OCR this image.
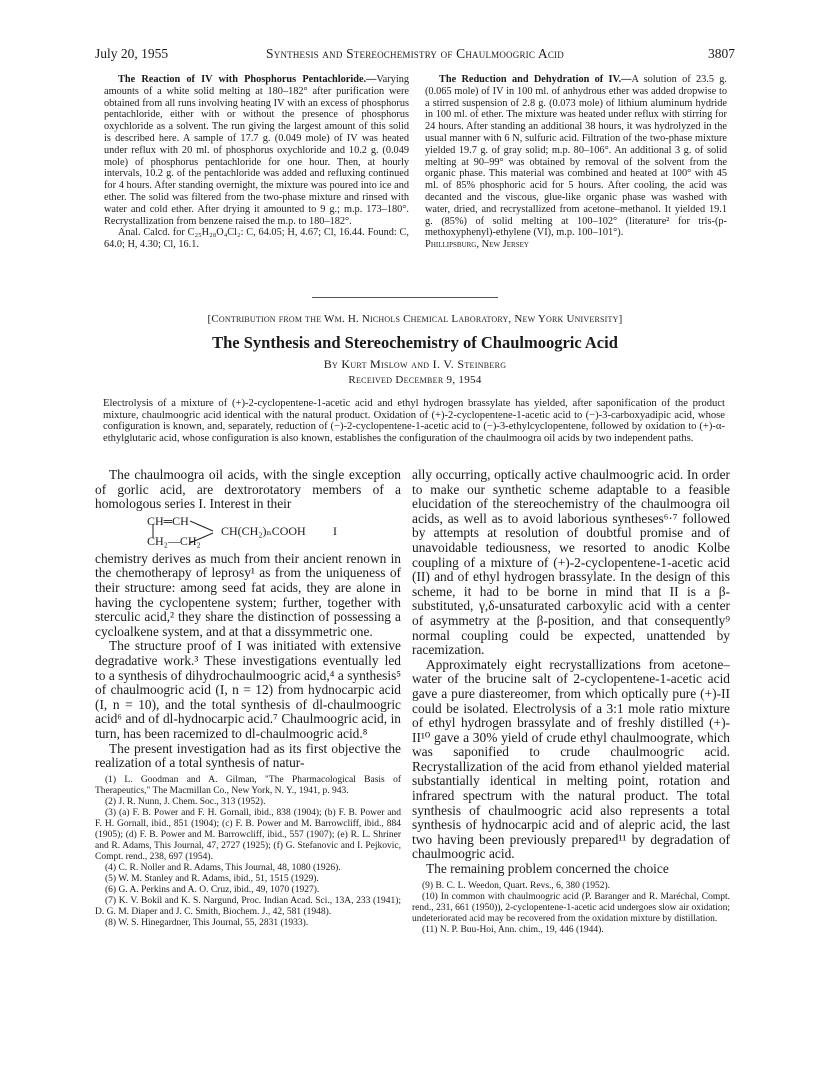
July 20, 1955	Synthesis and Stereochemistry of Chaulmoogric Acid	3807

The Reaction of IV with Phosphorus Pentachloride.—Varying amounts of a white solid melting at 180–182° after purification were obtained from all runs involving heating IV with an excess of phosphorus pentachloride, either with or without the presence of phosphorus oxychloride as a solvent. The run giving the largest amount of this solid is described here. A sample of 17.7 g. (0.049 mole) of IV was heated under reflux with 20 ml. of phosphorus oxychloride and 10.2 g. (0.049 mole) of phosphorus pentachloride for one hour. Then, at hourly intervals, 10.2 g. of the pentachloride was added and refluxing continued for 4 hours. After standing overnight, the mixture was poured into ice and ether. The solid was filtered from the two-phase mixture and rinsed with water and cold ether. After drying it amounted to 9 g.; m.p. 173–180°. Recrystallization from benzene raised the m.p. to 180–182°.

Anal. Calcd. for C₂₅H₂₈O₄Cl₂: C, 64.05; H, 4.67; Cl, 16.44. Found: C, 64.0; H, 4.30; Cl, 16.1.

The Reduction and Dehydration of IV.—A solution of 23.5 g. (0.065 mole) of IV in 100 ml. of anhydrous ether was added dropwise to a stirred suspension of 2.8 g. (0.073 mole) of lithium aluminum hydride in 100 ml. of ether. The mixture was heated under reflux with stirring for 24 hours. After standing an additional 38 hours, it was hydrolyzed in the usual manner with 6 N, sulfuric acid. Filtration of the two-phase mixture yielded 19.7 g. of gray solid; m.p. 80–106°. An additional 3 g. of solid melting at 90–99° was obtained by removal of the solvent from the organic phase. This material was combined and heated at 100° with 45 ml. of 85% phosphoric acid for 5 hours. After cooling, the acid was decanted and the viscous, glue-like organic phase was washed with water, dried, and recrystallized from acetone–methanol. It yielded 19.1 g. (85%) of solid melting at 100–102° (literature² for tris-(p-methoxyphenyl)-ethylene (VI), m.p. 100–101°).

Phillipsburg, New Jersey

[Contribution from the Wm. H. Nichols Chemical Laboratory, New York University]
The Synthesis and Stereochemistry of Chaulmoogric Acid
By Kurt Mislow and I. V. Steinberg
Received December 9, 1954
Electrolysis of a mixture of (+)-2-cyclopentene-1-acetic acid and ethyl hydrogen brassylate has yielded, after saponification of the product mixture, chaulmoogric acid identical with the natural product. Oxidation of (+)-2-cyclopentene-1-acetic acid to (−)-3-carboxyadipic acid, whose configuration is known, and, separately, reduction of (−)-2-cyclopentene-1-acetic acid to (−)-3-ethylcyclopentene, followed by oxidation to (+)-α-ethylglutaric acid, whose configuration is also known, establishes the configuration of the chaulmoogra oil acids by two independent paths.

The chaulmoogra oil acids, with the single exception of gorlic acid, are dextrorotatory members of a homologous series I. Interest in their

CH═CH
CH₂—CH₂
CH(CH₂)ₙCOOH I

chemistry derives as much from their ancient renown in the chemotherapy of leprosy¹ as from the uniqueness of their structure: among seed fat acids, they are alone in having the cyclopentene system; further, together with sterculic acid,² they share the distinction of possessing a cycloalkene system, and at that a dissymmetric one.

The structure proof of I was initiated with extensive degradative work.³ These investigations eventually led to a synthesis of dihydrochaulmoogric acid,⁴ a synthesis⁵ of chaulmoogric acid (I, n = 12) from hydnocarpic acid (I, n = 10), and the total synthesis of dl-chaulmoogric acid⁶ and of dl-hydnocarpic acid.⁷ Chaulmoogric acid, in turn, has been racemized to dl-chaulmoogric acid.⁸

The present investigation had as its first objective the realization of a total synthesis of natur-

(1) L. Goodman and A. Gilman, "The Pharmacological Basis of Therapeutics," The Macmillan Co., New York, N. Y., 1941, p. 943.

(2) J. R. Nunn, J. Chem. Soc., 313 (1952).

(3) (a) F. B. Power and F. H. Gornall, ibid., 838 (1904); (b) F. B. Power and F. H. Gornall, ibid., 851 (1904); (c) F. B. Power and M. Barrowcliff, ibid., 884 (1905); (d) F. B. Power and M. Barrowcliff, ibid., 557 (1907); (e) R. L. Shriner and R. Adams, This Journal, 47, 2727 (1925); (f) G. Stefanovic and I. Pejkovic, Compt. rend., 238, 697 (1954).

(4) C. R. Noller and R. Adams, This Journal, 48, 1080 (1926).

(5) W. M. Stanley and R. Adams, ibid., 51, 1515 (1929).

(6) G. A. Perkins and A. O. Cruz, ibid., 49, 1070 (1927).

(7) K. V. Bokil and K. S. Nargund, Proc. Indian Acad. Sci., 13A, 233 (1941); D. G. M. Diaper and J. C. Smith, Biochem. J., 42, 581 (1948).

(8) W. S. Hinegardner, This Journal, 55, 2831 (1933).

ally occurring, optically active chaulmoogric acid. In order to make our synthetic scheme adaptable to a feasible elucidation of the stereochemistry of the chaulmoogra oil acids, as well as to avoid laborious syntheses⁶·⁷ followed by attempts at resolution of doubtful promise and of unavoidable tediousness, we resorted to anodic Kolbe coupling of a mixture of (+)-2-cyclopentene-1-acetic acid (II) and of ethyl hydrogen brassylate. In the design of this scheme, it had to be borne in mind that II is a β-substituted, γ,δ-unsaturated carboxylic acid with a center of asymmetry at the β-position, and that consequently⁹ normal coupling could be expected, unattended by racemization.

Approximately eight recrystallizations from acetone–water of the brucine salt of 2-cyclopentene-1-acetic acid gave a pure diastereomer, from which optically pure (+)-II could be isolated. Electrolysis of a 3:1 mole ratio mixture of ethyl hydrogen brassylate and of freshly distilled (+)-II¹⁰ gave a 30% yield of crude ethyl chaulmoograte, which was saponified to crude chaulmoogric acid. Recrystallization of the acid from ethanol yielded material substantially identical in melting point, rotation and infrared spectrum with the natural product. The total synthesis of chaulmoogric acid also represents a total synthesis of hydnocarpic acid and of alepric acid, the last two having been previously prepared¹¹ by degradation of chaulmoogric acid.

The remaining problem concerned the choice

(9) B. C. L. Weedon, Quart. Revs., 6, 380 (1952).

(10) In common with chaulmoogric acid (P. Baranger and R. Maréchal, Compt. rend., 231, 661 (1950)), 2-cyclopentene-1-acetic acid undergoes slow air oxidation; undeteriorated acid may be recovered from the oxidation mixture by distillation.

(11) N. P. Buu-Hoi, Ann. chim., 19, 446 (1944).
